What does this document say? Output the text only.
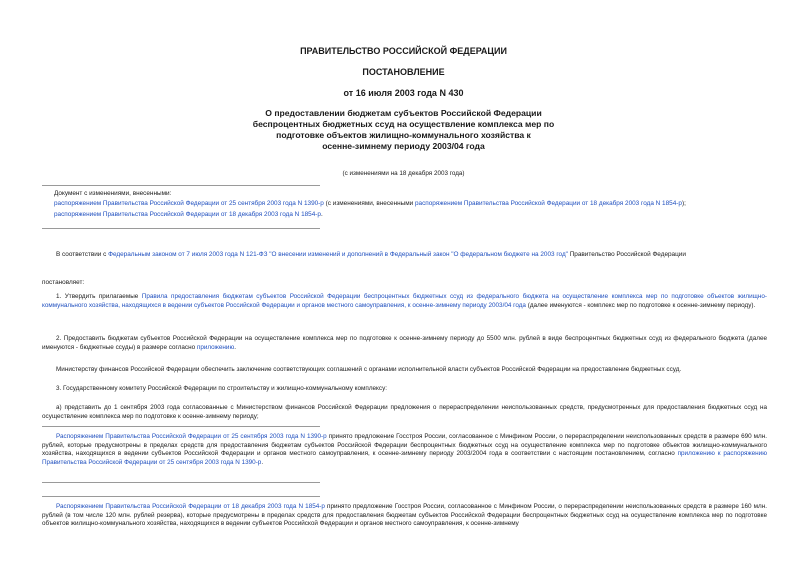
ПРАВИТЕЛЬСТВО РОССИЙСКОЙ ФЕДЕРАЦИИ
ПОСТАНОВЛЕНИЕ
от 16 июля 2003 года N 430
О предоставлении бюджетам субъектов Российской Федерации
беспроцентных бюджетных ссуд на осуществление комплекса мер по
подготовке объектов жилищно-коммунального хозяйства к
осенне-зимнему периоду 2003/04 года
(с изменениями на 18 декабря 2003 года)
Документ с изменениями, внесенными:
распоряжением Правительства Российской Федерации от 25 сентября 2003 года N 1390-р (с изменениями, внесенными распоряжением Правительства Российской Федерации от 18 декабря 2003 года N 1854-р);
распоряжением Правительства Российской Федерации от 18 декабря 2003 года N 1854-р.
В соответствии с Федеральным законом от 7 июля 2003 года N 121-ФЗ "О внесении изменений и дополнений в Федеральный закон "О федеральном бюджете на 2003 год" Правительство Российской Федерации
постановляет:
1. Утвердить прилагаемые Правила предоставления бюджетам субъектов Российской Федерации беспроцентных бюджетных ссуд из федерального бюджета на осуществление комплекса мер по подготовке объектов жилищно-коммунального хозяйства, находящихся в ведении субъектов Российской Федерации и органов местного самоуправления, к осенне-зимнему периоду 2003/04 года (далее именуются - комплекс мер по подготовке к осенне-зимнему периоду).
2. Предоставить бюджетам субъектов Российской Федерации на осуществление комплекса мер по подготовке к осенне-зимнему периоду до 5500 млн. рублей в виде беспроцентных бюджетных ссуд из федерального бюджета (далее именуются - бюджетные ссуды) в размере согласно приложению.
Министерству финансов Российской Федерации обеспечить заключение соответствующих соглашений с органами исполнительной власти субъектов Российской Федерации на предоставление бюджетных ссуд.
3. Государственному комитету Российской Федерации по строительству и жилищно-коммунальному комплексу:
а) представить до 1 сентября 2003 года согласованные с Министерством финансов Российской Федерации предложения о перераспределении неиспользованных средств, предусмотренных для предоставления бюджетных ссуд на осуществление комплекса мер по подготовке к осенне-зимнему периоду;
Распоряжением Правительства Российской Федерации от 25 сентября 2003 года N 1390-р принято предложение Госстроя России, согласованное с Минфином России, о перераспределении неиспользованных средств в размере 690 млн. рублей, которые предусмотрены в пределах средств для предоставления бюджетам субъектов Российской Федерации беспроцентных бюджетных ссуд на осуществление комплекса мер по подготовке объектов жилищно-коммунального хозяйства, находящихся в ведении субъектов Российской Федерации и органов местного самоуправления, к осенне-зимнему периоду 2003/2004 года в соответствии с настоящим постановлением, согласно приложению к распоряжению Правительства Российской Федерации от 25 сентября 2003 года N 1390-р.
Распоряжением Правительства Российской Федерации от 18 декабря 2003 года N 1854-р принято предложение Госстроя России, согласованное с Минфином России, о перераспределении неиспользованных средств в размере 160 млн. рублей (в том числе 120 млн. рублей резерва), которые предусмотрены в пределах средств для предоставления бюджетам субъектов Российской Федерации беспроцентных бюджетных ссуд на осуществление комплекса мер по подготовке объектов жилищно-коммунального хозяйства, находящихся в ведении субъектов Российской Федерации и органов местного самоуправления, к осенне-зимнему
